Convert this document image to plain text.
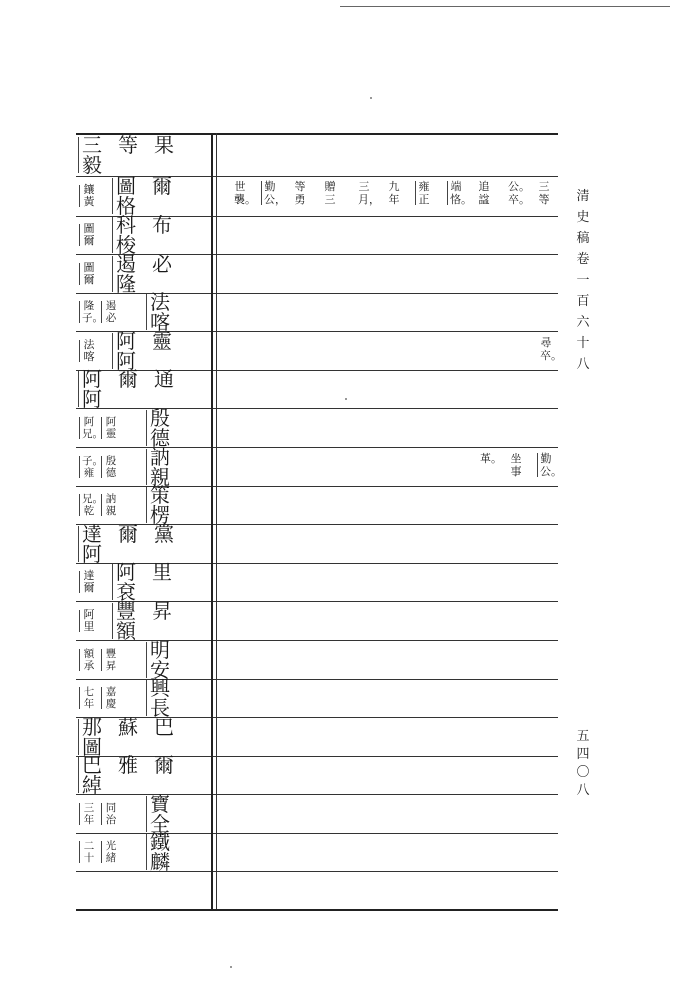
三等果毅
鑲黃
圖爾格
圖爾
科布梭
圖爾
遏必隆
隆子。
遏必
法喀
法喀
阿靈阿
阿爾通阿
阿兄。
阿靈
殷德
子。雍
殷德
訥親
兄。乾
訥親
策楞
達爾黨阿
達爾
阿里袞
阿里
豐昇額
額承
豐昇
明安
七年
嘉慶
興長
那蘇巴圖
巴雅爾綽
三年
同治
寶全
二十
光緒
鐵麟
三等
公。卒。
追諡
端恪。
雍正
九年
三月，
贈三
等勇
勤公，
世襲。
尋卒。
勤公。
坐事
革。
清史稿卷一百六十八
五四〇八
